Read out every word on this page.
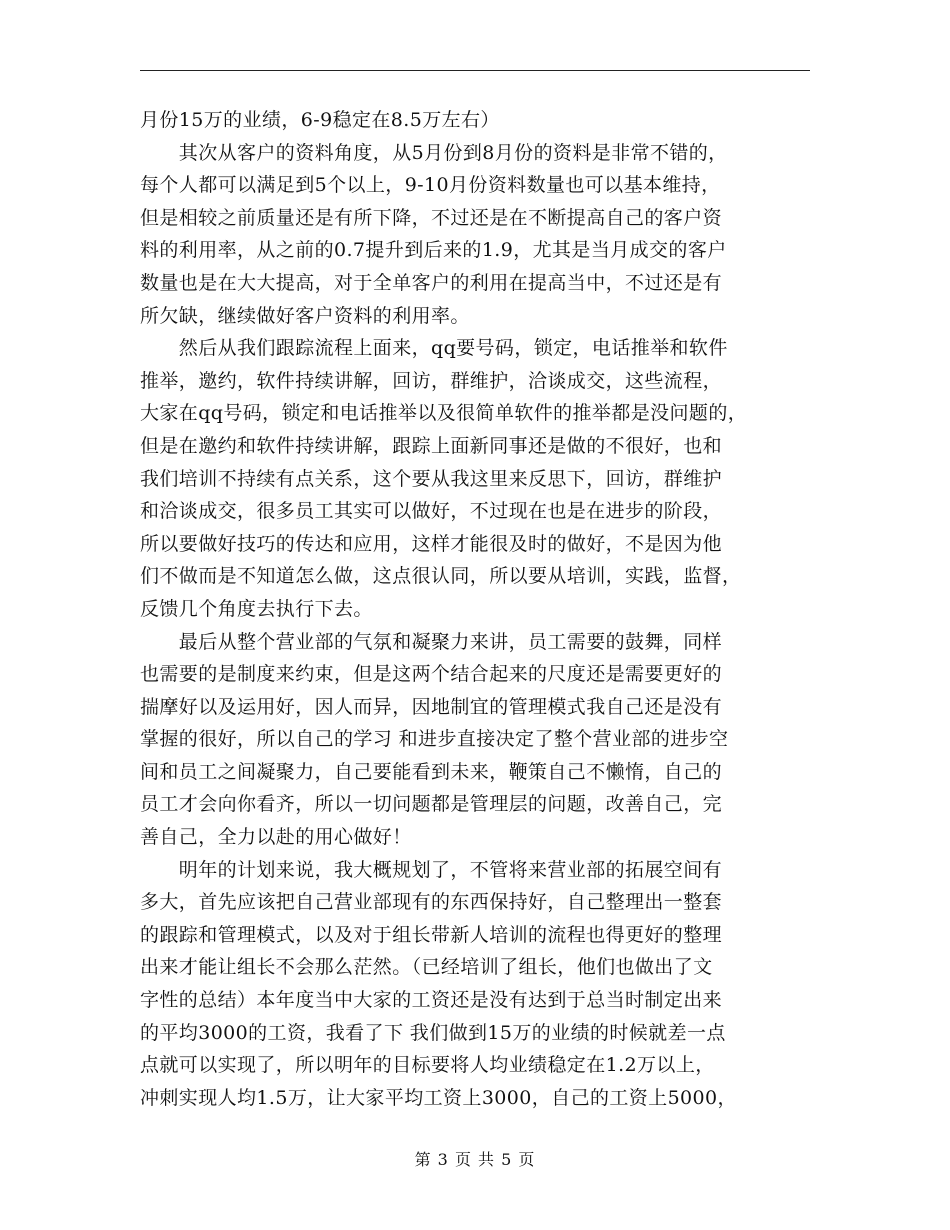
月份15万的业绩，6-9稳定在8.5万左右）
　　其次从客户的资料角度，从5月份到8月份的资料是非常不错的，
每个人都可以满足到5个以上，9-10月份资料数量也可以基本维持，
但是相较之前质量还是有所下降，不过还是在不断提高自己的客户资
料的利用率，从之前的0.7提升到后来的1.9，尤其是当月成交的客户
数量也是在大大提高，对于全单客户的利用在提高当中，不过还是有
所欠缺，继续做好客户资料的利用率。
　　然后从我们跟踪流程上面来，qq要号码，锁定，电话推举和软件
推举，邀约，软件持续讲解，回访，群维护，洽谈成交，这些流程，
大家在qq号码，锁定和电话推举以及很简单软件的推举都是没问题的，
但是在邀约和软件持续讲解，跟踪上面新同事还是做的不很好，也和
我们培训不持续有点关系，这个要从我这里来反思下，回访，群维护
和洽谈成交，很多员工其实可以做好，不过现在也是在进步的阶段，
所以要做好技巧的传达和应用，这样才能很及时的做好，不是因为他
们不做而是不知道怎么做，这点很认同，所以要从培训，实践，监督，
反馈几个角度去执行下去。
　　最后从整个营业部的气氛和凝聚力来讲，员工需要的鼓舞，同样
也需要的是制度来约束，但是这两个结合起来的尺度还是需要更好的
揣摩好以及运用好，因人而异，因地制宜的管理模式我自己还是没有
掌握的很好，所以自己的学习 和进步直接决定了整个营业部的进步空
间和员工之间凝聚力，自己要能看到未来，鞭策自己不懒惰，自己的
员工才会向你看齐，所以一切问题都是管理层的问题，改善自己，完
善自己，全力以赴的用心做好！
　　明年的计划来说，我大概规划了，不管将来营业部的拓展空间有
多大，首先应该把自己营业部现有的东西保持好，自己整理出一整套
的跟踪和管理模式，以及对于组长带新人培训的流程也得更好的整理
出来才能让组长不会那么茫然。（已经培训了组长，他们也做出了文
字性的总结）本年度当中大家的工资还是没有达到于总当时制定出来
的平均3000的工资，我看了下 我们做到15万的业绩的时候就差一点
点就可以实现了，所以明年的目标要将人均业绩稳定在1.2万以上，
冲刺实现人均1.5万，让大家平均工资上3000，自己的工资上5000，
第 3 页 共 5 页
